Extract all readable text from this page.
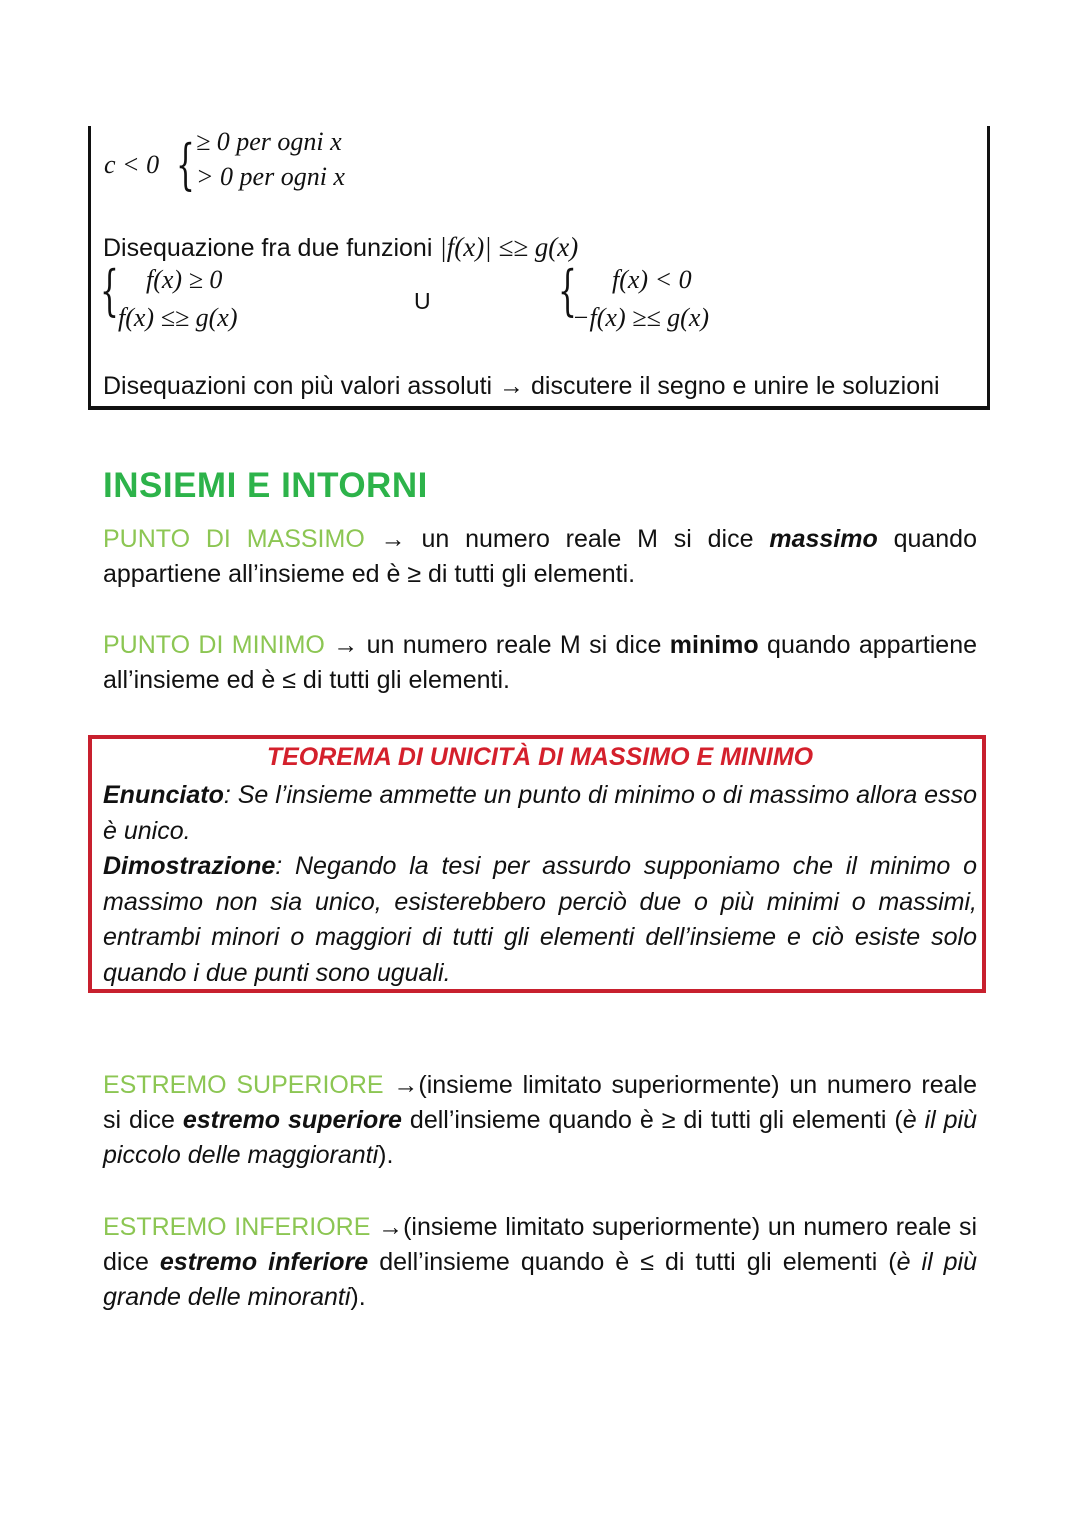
c < 0 { ≥ 0 per ogni x
> 0 per ogni x
Disequazione fra due funzioni |f(x)| ≤≥ g(x)
{ f(x) ≥ 0
f(x) ≤≥ g(x)
U { f(x) < 0
−f(x) ≥≤ g(x)
Disequazioni con più valori assoluti → discutere il segno e unire le soluzioni
INSIEMI E INTORNI
PUNTO DI MASSIMO → un numero reale M si dice massimo quando appartiene all’insieme ed è ≥ di tutti gli elementi.
PUNTO DI MINIMO → un numero reale M si dice minimo quando appartiene all’insieme ed è ≤ di tutti gli elementi.
TEOREMA DI UNICITÀ DI MASSIMO E MINIMO
Enunciato: Se l’insieme ammette un punto di minimo o di massimo allora esso è unico.
Dimostrazione: Negando la tesi per assurdo supponiamo che il minimo o massimo non sia unico, esisterebbero perciò due o più minimi o massimi, entrambi minori o maggiori di tutti gli elementi dell’insieme e ciò esiste solo quando i due punti sono uguali.
ESTREMO SUPERIORE →(insieme limitato superiormente) un numero reale si dice estremo superiore dell’insieme quando è ≥ di tutti gli elementi (è il più piccolo delle maggioranti).
ESTREMO INFERIORE →(insieme limitato superiormente) un numero reale si dice estremo inferiore dell’insieme quando è ≤ di tutti gli elementi (è il più grande delle minoranti).
